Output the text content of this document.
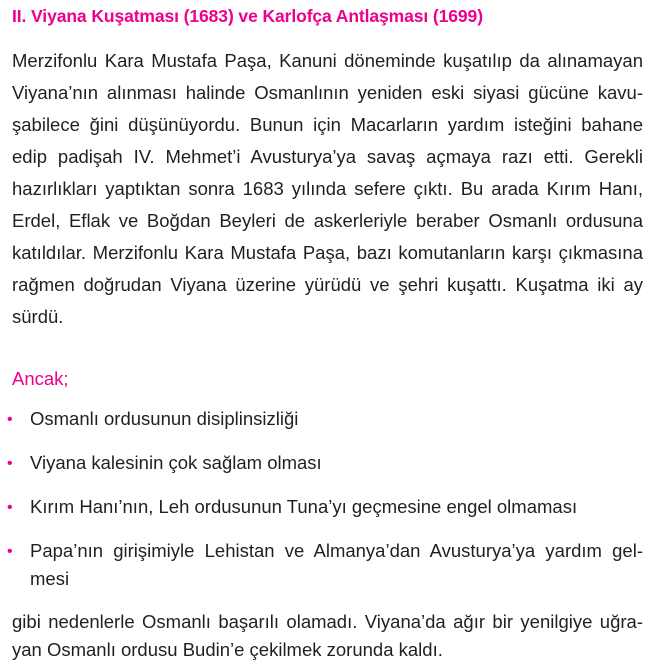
II. Viyana Kuşatması (1683) ve Karlofça Antlaşması (1699)
Merzifonlu Kara Mustafa Paşa, Kanuni döneminde kuşatılıp da alınamayan
Viyana’nın alınması halinde Osmanlının yeniden eski siyasi gücüne kavu-
şabilece ğini düşünüyordu. Bunun için Macarların yardım isteğini bahane
edip padişah IV. Mehmet’i Avusturya’ya savaş açmaya razı etti. Gerekli
hazırlıkları yaptıktan sonra 1683 yılında sefere çıktı. Bu arada Kırım Hanı,
Erdel, Eflak ve Boğdan Beyleri de askerleriyle beraber Osmanlı ordusuna
katıldılar. Merzifonlu Kara Mustafa Paşa, bazı komutanların karşı çıkmasına
rağmen doğrudan Viyana üzerine yürüdü ve şehri kuşattı. Kuşatma iki ay
sürdü.
Ancak;
• Osmanlı ordusunun disiplinsizliği
• Viyana kalesinin çok sağlam olması
• Kırım Hanı’nın, Leh ordusunun Tuna’yı geçmesine engel olmaması
• Papa’nın girişimiyle Lehistan ve Almanya’dan Avusturya’ya yardım gel-
mesi
gibi nedenlerle Osmanlı başarılı olamadı. Viyana’da ağır bir yenilgiye uğra-
yan Osmanlı ordusu Budin’e çekilmek zorunda kaldı.
